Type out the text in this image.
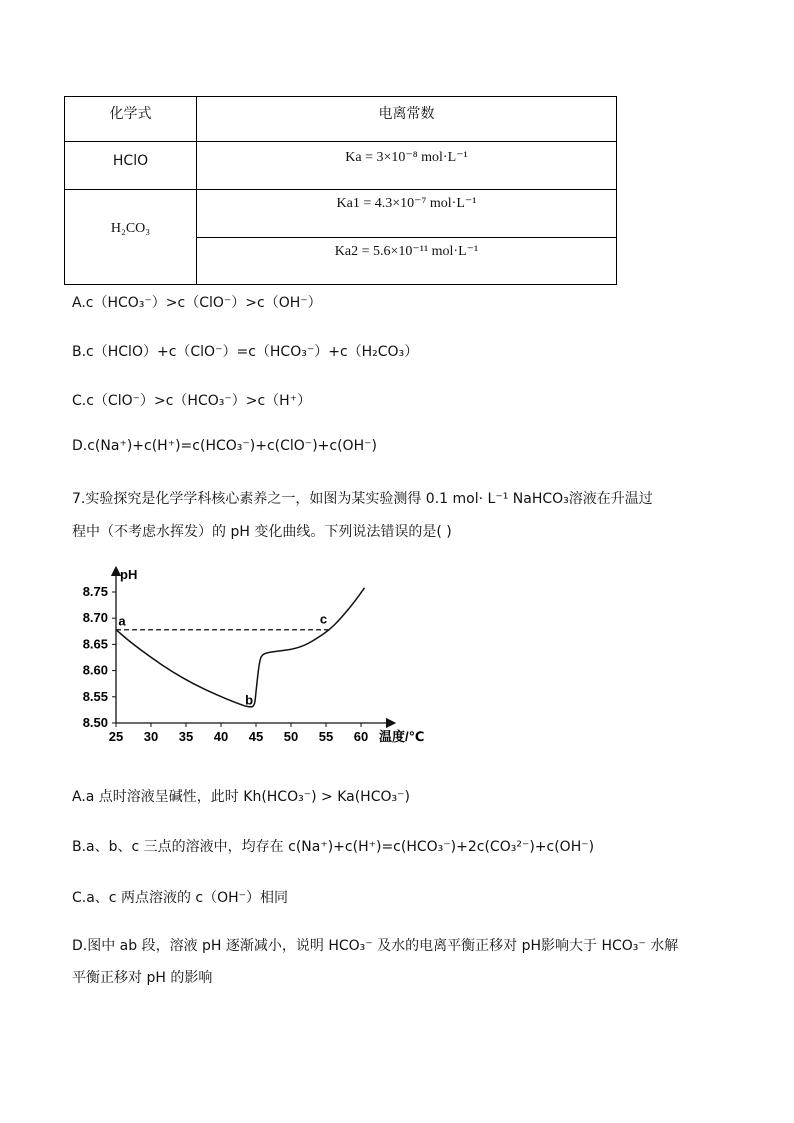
化学式	电离常数
HClO	Ka = 3×10⁻⁸ mol·L⁻¹
H₂CO₃
Ka1 = 4.3×10⁻⁷ mol·L⁻¹
Ka2 = 5.6×10⁻¹¹ mol·L⁻¹
A.c（HCO₃⁻）>c（ClO⁻）>c（OH⁻）
B.c（HClO）+c（ClO⁻）=c（HCO₃⁻）+c（H₂CO₃）
C.c（ClO⁻）>c（HCO₃⁻）>c（H⁺）
D.c(Na⁺)+c(H⁺)=c(HCO₃⁻)+c(ClO⁻)+c(OH⁻)
7.实验探究是化学学科核心素养之一，如图为某实验测得 0.1 mol· L⁻¹ NaHCO₃溶液在升温过
程中（不考虑水挥发）的 pH 变化曲线。下列说法错误的是( )
25 30 35 40 45 50 55 60
8.75
8.70
8.65
8.60
8.55
8.50
pH
温度/℃
a
b
c
A.a 点时溶液呈碱性，此时 Kh(HCO₃⁻) > Ka(HCO₃⁻)
B.a、b、c 三点的溶液中，均存在 c(Na⁺)+c(H⁺)=c(HCO₃⁻)+2c(CO₃²⁻)+c(OH⁻)
C.a、c 两点溶液的 c（OH⁻）相同
D.图中 ab 段，溶液 pH 逐渐减小，说明 HCO₃⁻ 及水的电离平衡正移对 pH影响大于 HCO₃⁻ 水解
平衡正移对 pH 的影响
